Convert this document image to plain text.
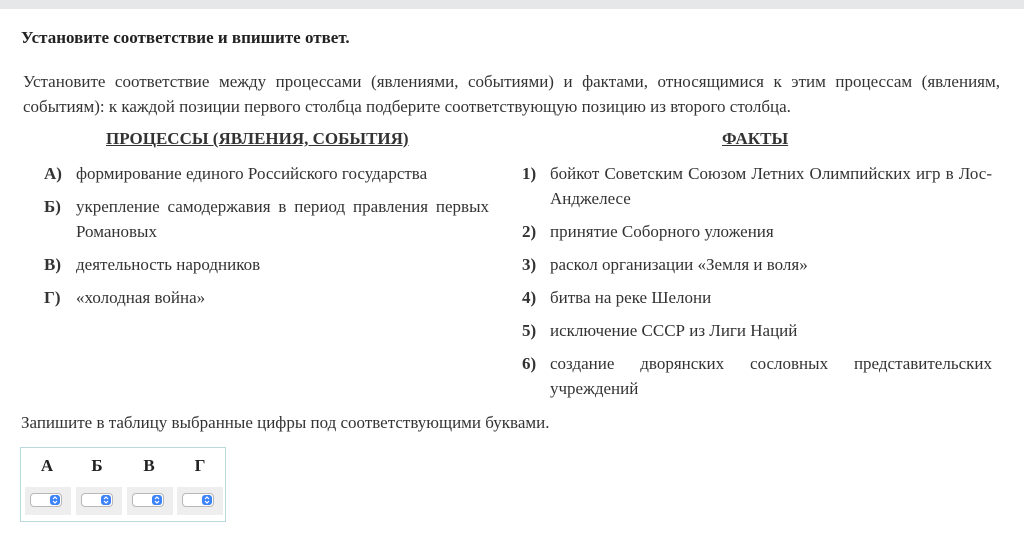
Установите соответствие и впишите ответ.
Установите соответствие между процессами (явлениями, событиями) и фактами, относящимися к этим процессам (явлениям, событиям): к каждой позиции первого столбца подберите соответствующую позицию из второго столбца.
ПРОЦЕССЫ (ЯВЛЕНИЯ, СОБЫТИЯ)	ФАКТЫ
А) формирование единого Российского государства
Б) укрепление самодержавия в период правления первых Романовых
В) деятельность народников
Г) «холодная война»
1) бойкот Советским Союзом Летних Олимпийских игр в Лос-Анджелесе
2) принятие Соборного уложения
3) раскол организации «Земля и воля»
4) битва на реке Шелони
5) исключение СССР из Лиги Наций
6) создание дворянских сословных представительских учреждений
Запишите в таблицу выбранные цифры под соответствующими буквами.
А	Б	В	Г
